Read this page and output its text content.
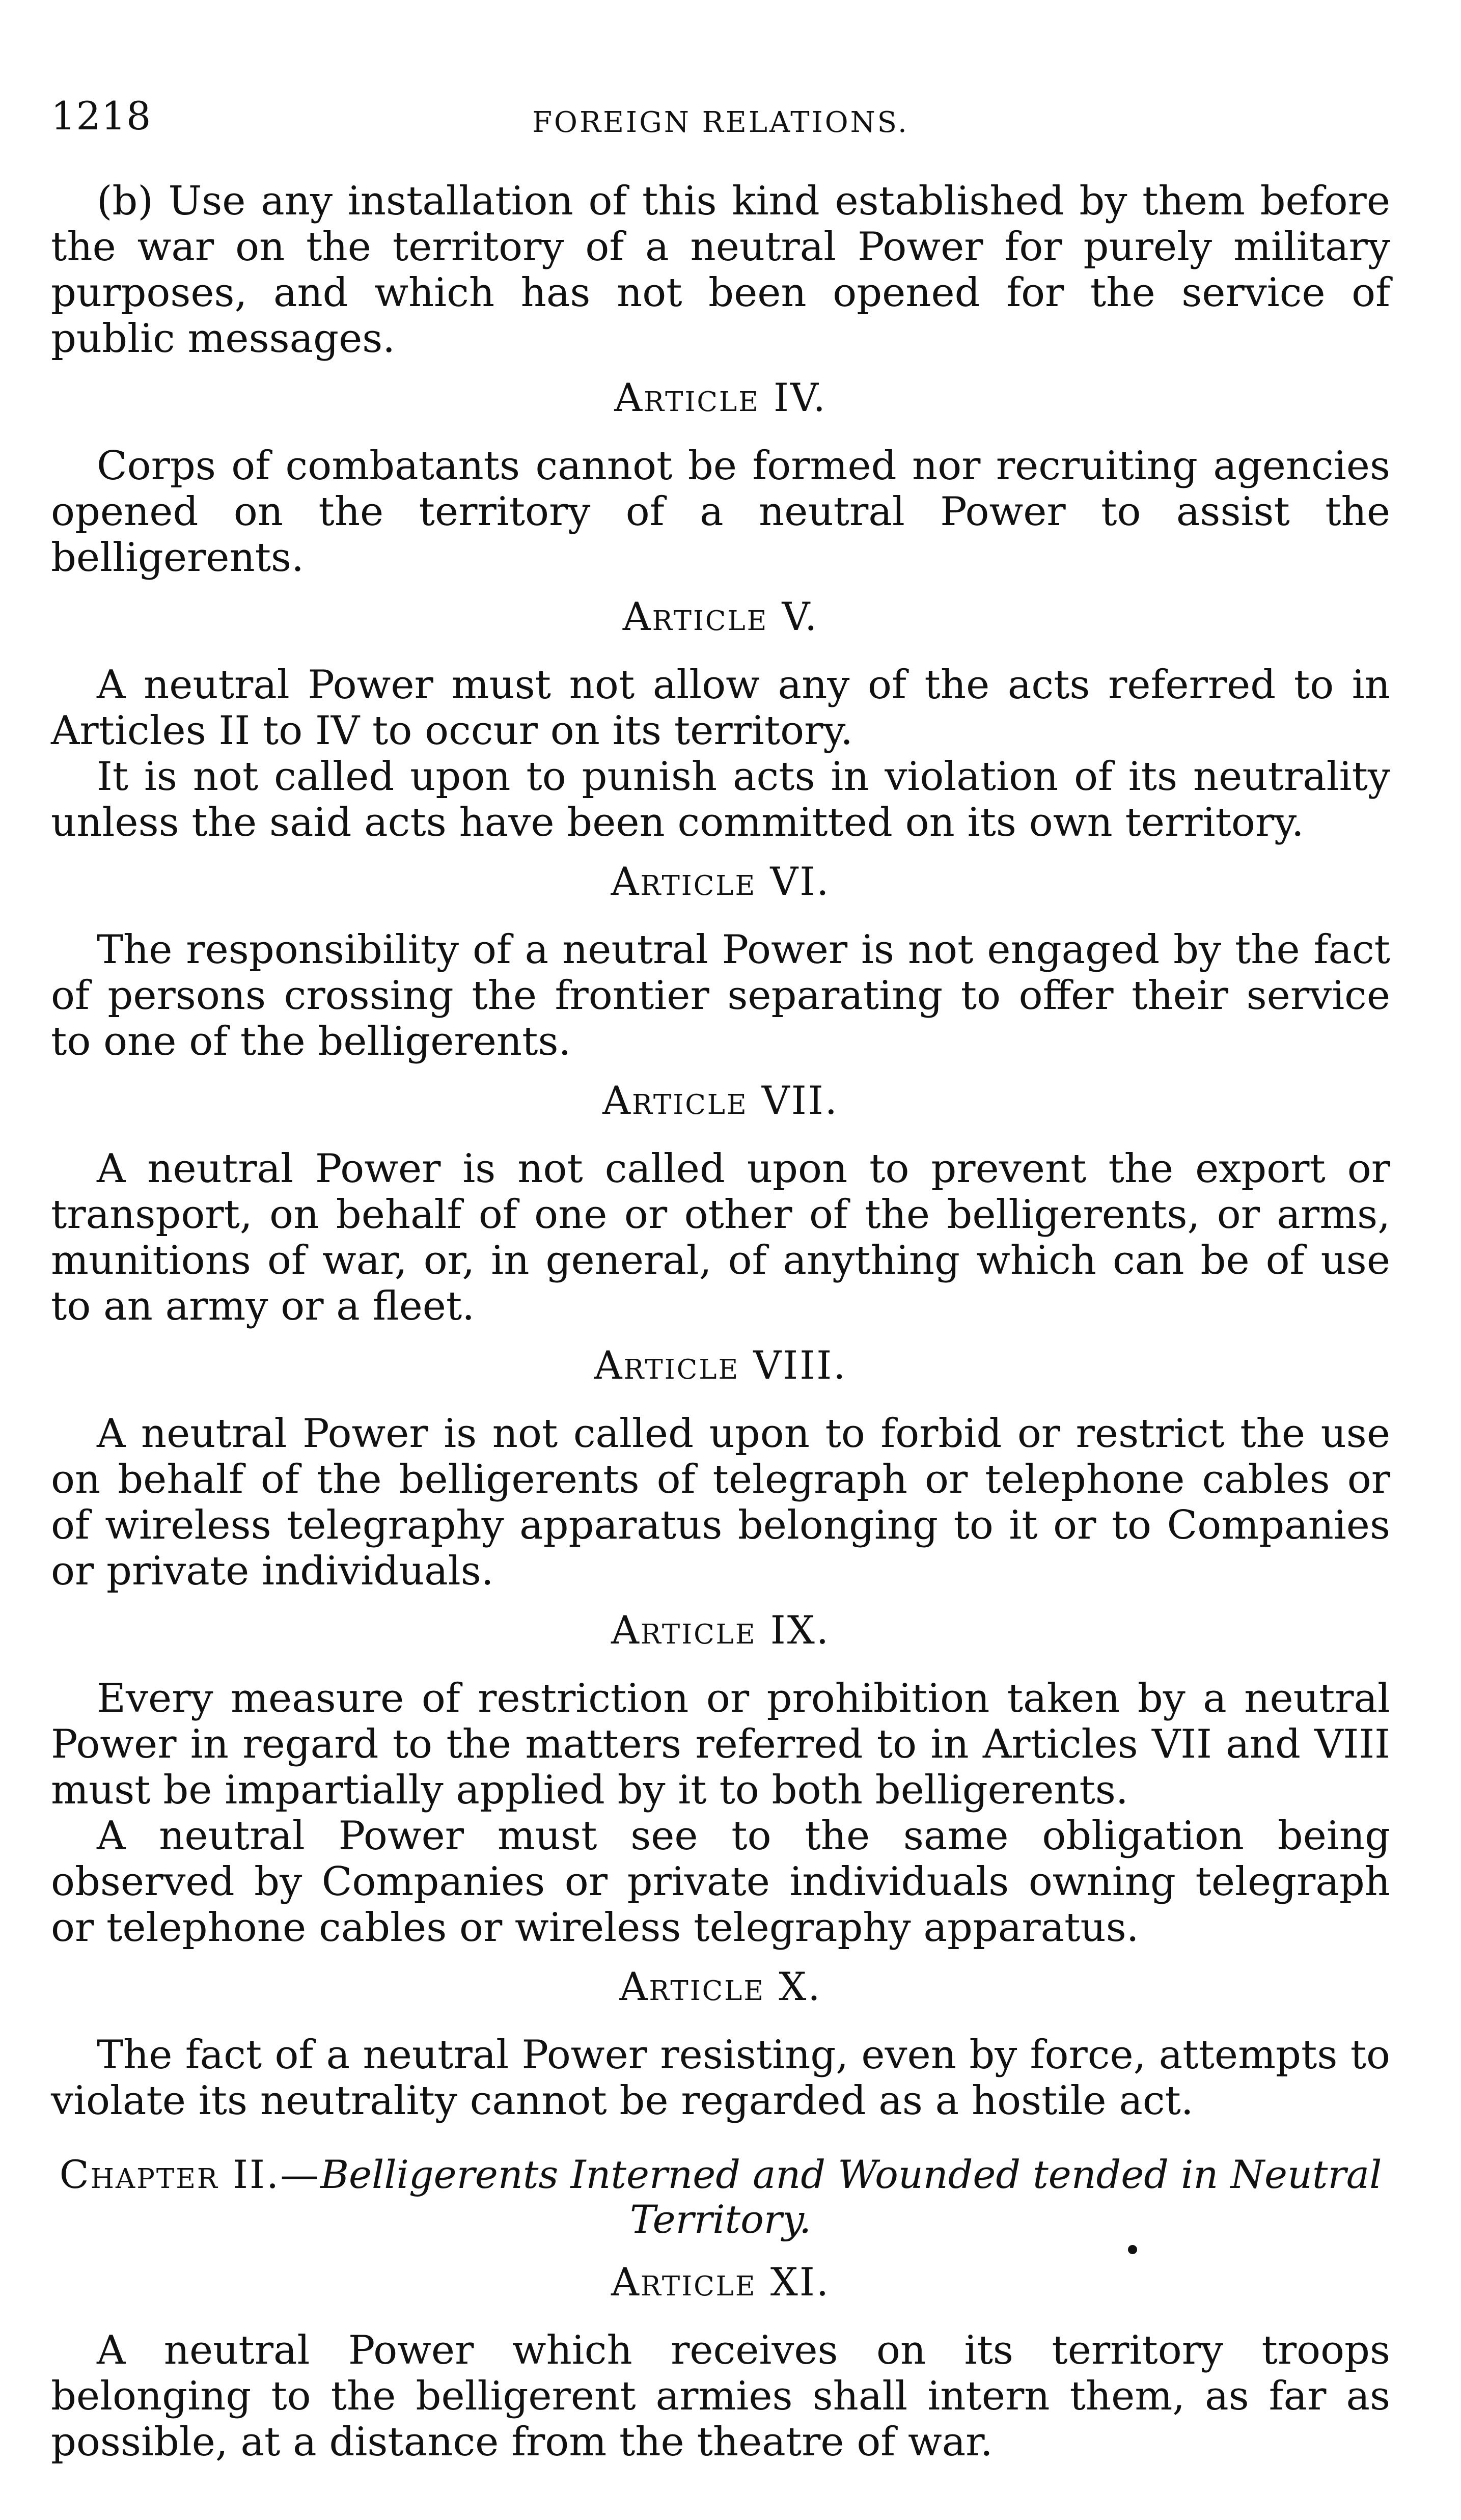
1218	FOREIGN RELATIONS.

(b) Use any installation of this kind established by them before the war on the territory of a neutral Power for purely military purposes, and which has not been opened for the service of public messages.

Article IV.

Corps of combatants cannot be formed nor recruiting agencies opened on the territory of a neutral Power to assist the belligerents.

Article V.

A neutral Power must not allow any of the acts referred to in Articles II to IV to occur on its territory.

It is not called upon to punish acts in violation of its neutrality unless the said acts have been committed on its own territory.

Article VI.

The responsibility of a neutral Power is not engaged by the fact of persons crossing the frontier separating to offer their service to one of the belligerents.

Article VII.

A neutral Power is not called upon to prevent the export or transport, on behalf of one or other of the belligerents, or arms, munitions of war, or, in general, of anything which can be of use to an army or a fleet.

Article VIII.

A neutral Power is not called upon to forbid or restrict the use on behalf of the belligerents of telegraph or telephone cables or of wireless telegraphy apparatus belonging to it or to Companies or private individuals.

Article IX.

Every measure of restriction or prohibition taken by a neutral Power in regard to the matters referred to in Articles VII and VIII must be impartially applied by it to both belligerents.

A neutral Power must see to the same obligation being observed by Companies or private individuals owning telegraph or telephone cables or wireless telegraphy apparatus.

Article X.

The fact of a neutral Power resisting, even by force, attempts to violate its neutrality cannot be regarded as a hostile act.

Chapter II.—Belligerents Interned and Wounded tended in Neutral Territory.
Article XI.

A neutral Power which receives on its territory troops belonging to the belligerent armies shall intern them, as far as possible, at a distance from the theatre of war.
